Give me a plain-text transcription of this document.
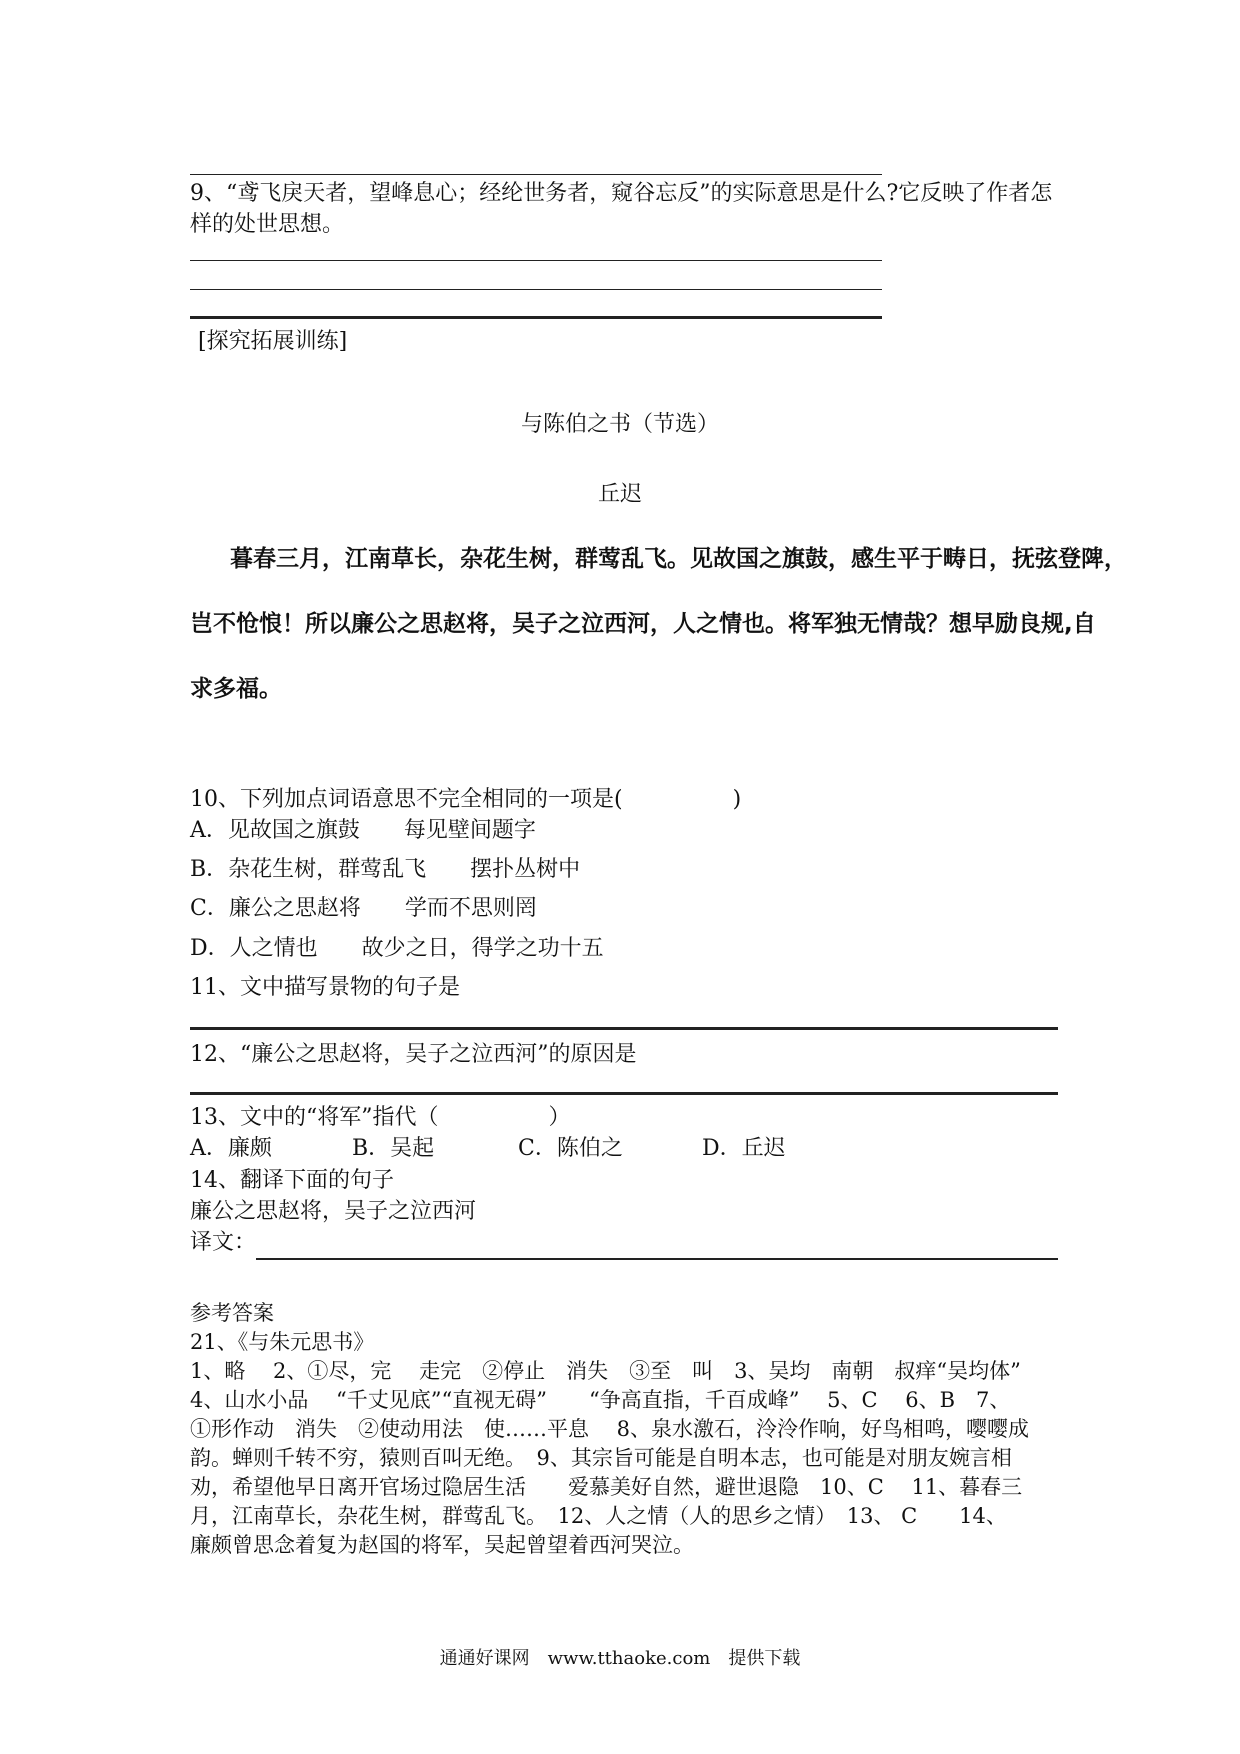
9、“鸢飞戾天者，望峰息心；经纶世务者，窥谷忘反”的实际意思是什么?它反映了作者怎
样的处世思想。
[探究拓展训练]
与陈伯之书（节选）
丘迟
暮春三月，江南草长，杂花生树，群莺乱飞。见故国之旗鼓，感生平于畴日，抚弦登陴，
岂不怆悢！所以廉公之思赵将，吴子之泣西河，人之情也。将军独无情哉？想早励良规,自
求多福。
10、下列加点词语意思不完全相同的一项是(　　　　　)
A．见故国之旗鼓　　每见壁间题字
B．杂花生树，群莺乱飞　　摆扑丛树中
C．廉公之思赵将　　学而不思则罔
D．人之情也　　故少之日，得学之功十五
11、文中描写景物的句子是
12、“廉公之思赵将，吴子之泣西河”的原因是
13、文中的“将军”指代（　　　　　）
A．廉颇	B．吴起	C．陈伯之	D．丘迟
14、翻译下面的句子
廉公之思赵将，吴子之泣西河
译文：
参考答案
21、《与朱元思书》
1、略　 2、①尽，完　 走完　②停止　消失　③至　叫　3、吴均　南朝　叔痒“吴均体”
4、山水小品　 “千丈见底”“直视无碍”　　“争高直指，千百成峰”　 5、C　 6、B　7、
①形作动　消失　②使动用法　使……平息　 8、泉水激石，泠泠作响，好鸟相鸣，嘤嘤成
韵。蝉则千转不穷，猿则百叫无绝。　9、其宗旨可能是自明本志，也可能是对朋友婉言相
劝，希望他早日离开官场过隐居生活　　爱慕美好自然，避世退隐　10、C　 11、暮春三
月，江南草长，杂花生树，群莺乱飞。　12、人之情（人的思乡之情）　13、 C　　14、
廉颇曾思念着复为赵国的将军，吴起曾望着西河哭泣。
通通好课网　www.tthaoke.com　提供下载
